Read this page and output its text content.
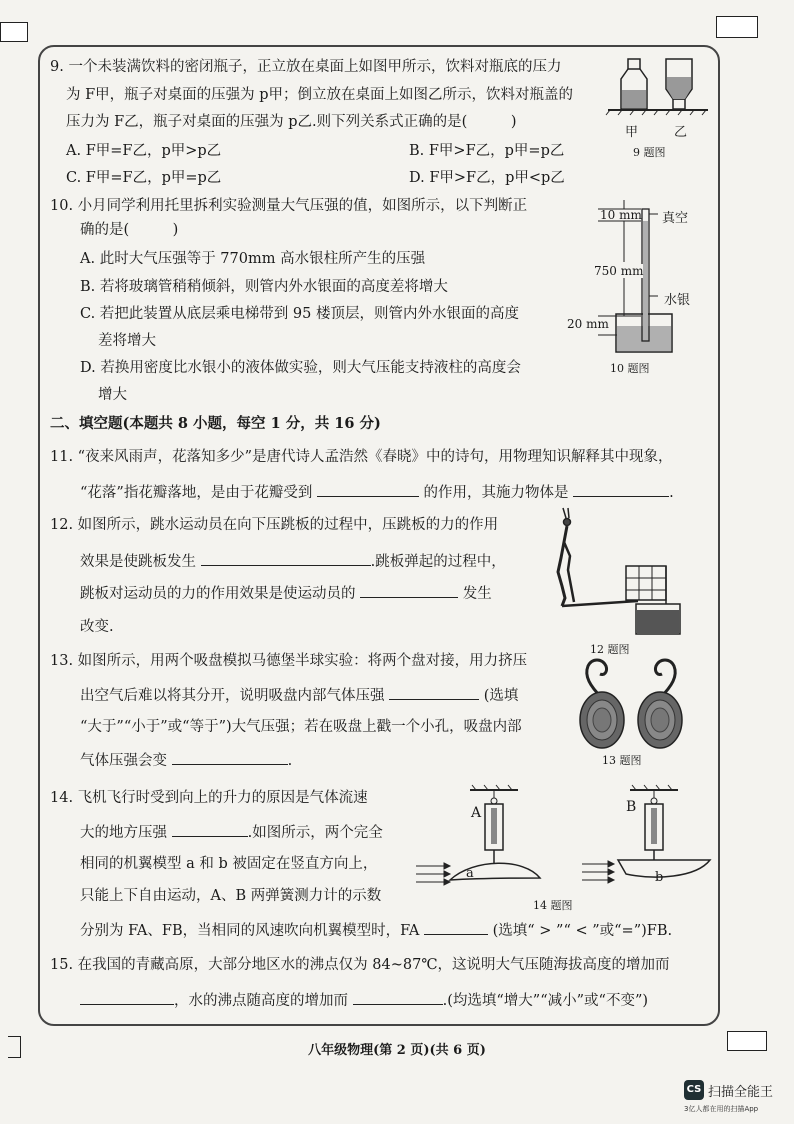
9. 一个未装满饮料的密闭瓶子，正立放在桌面上如图甲所示，饮料对瓶底的压力
为 F甲，瓶子对桌面的压强为 p甲；倒立放在桌面上如图乙所示，饮料对瓶盖的
压力为 F乙，瓶子对桌面的压强为 p乙.则下列关系式正确的是(　　　)
A. F甲=F乙，p甲>p乙	B. F甲>F乙，p甲=p乙
C. F甲=F乙，p甲=p乙	D. F甲>F乙，p甲<p乙
甲	乙
9 题图
10. 小月同学利用托里拆利实验测量大气压强的值，如图所示，以下判断正
确的是(　　　)
A. 此时大气压强等于 770mm 高水银柱所产生的压强
B. 若将玻璃管稍稍倾斜，则管内外水银面的高度差将增大
C. 若把此装置从底层乘电梯带到 95 楼顶层，则管内外水银面的高度
差将增大
D. 若换用密度比水银小的液体做实验，则大气压能支持液柱的高度会
增大
10 mm 真空
750 mm
水银
20 mm
10 题图
二、填空题(本题共 8 小题，每空 1 分，共 16 分)
11. “夜来风雨声，花落知多少”是唐代诗人孟浩然《春晓》中的诗句，用物理知识解释其中现象，
“花落”指花瓣落地，是由于花瓣受到	的作用，其施力物体是	.
12. 如图所示，跳水运动员在向下压跳板的过程中，压跳板的力的作用
效果是使跳板发生	.跳板弹起的过程中，
跳板对运动员的力的作用效果是使运动员的	发生
改变.
12 题图
13. 如图所示，用两个吸盘模拟马德堡半球实验：将两个盘对接，用力挤压
出空气后难以将其分开，说明吸盘内部气体压强	(选填
“大于”“小于”或“等于”)大气压强；若在吸盘上戳一个小孔，吸盘内部
气体压强会变	.	13 题图
14. 飞机飞行时受到向上的升力的原因是气体流速
大的地方压强	.如图所示，两个完全
相同的机翼模型 a 和 b 被固定在竖直方向上，
只能上下自由运动，A、B 两弹簧测力计的示数
分别为 FA、FB，当相同的风速吹向机翼模型时，FA	(选填“ > ”“ < ”或“=”)FB.
A	B
a	b
14 题图
15. 在我国的青藏高原，大部分地区水的沸点仅为 84~87℃，这说明大气压随海拔高度的增加而
，水的沸点随高度的增加而	.(均选填“增大”“减小”或“不变”)
八年级物理(第 2 页)(共 6 页)
CS 扫描全能王
3亿人都在用的扫描App
